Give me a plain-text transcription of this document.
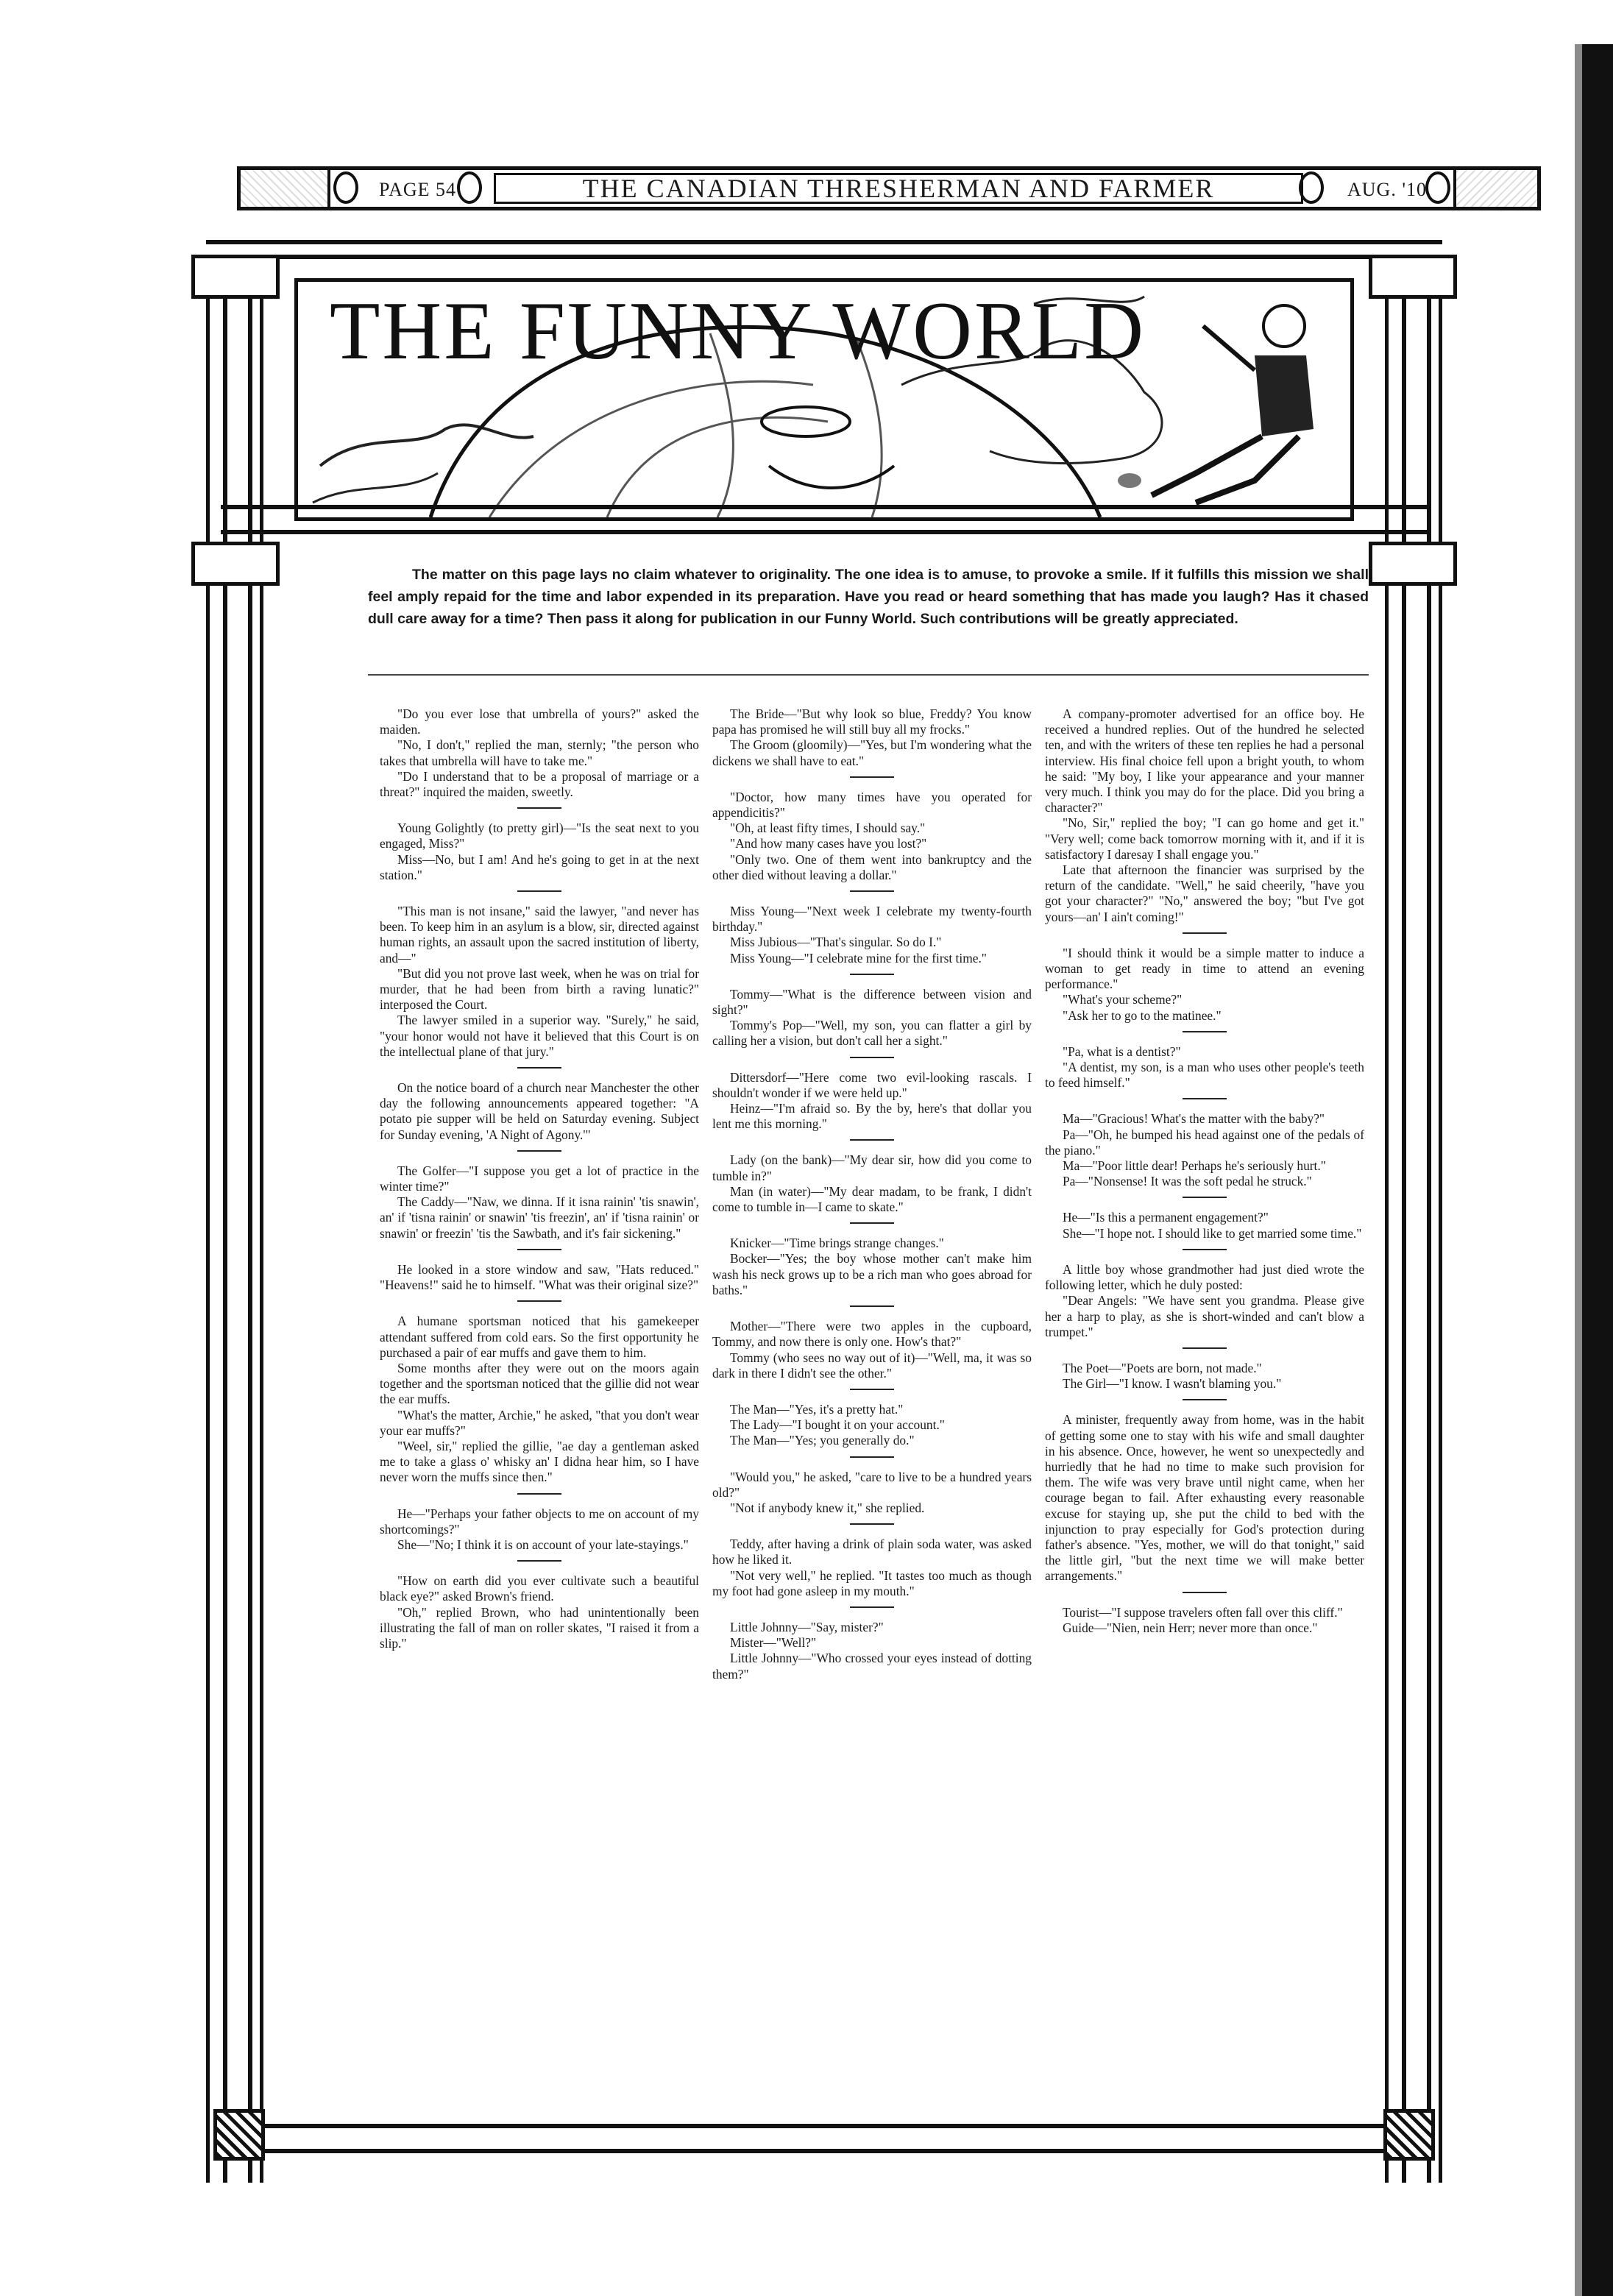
PAGE 54	THE CANADIAN THRESHERMAN AND FARMER	AUG. '10
THE FUNNY WORLD
The matter on this page lays no claim whatever to originality. The one idea is to amuse, to provoke a smile. If it fulfills this mission we shall feel amply repaid for the time and labor expended in its preparation. Have you read or heard something that has made you laugh? Has it chased dull care away for a time? Then pass it along for publication in our Funny World. Such contributions will be greatly appreciated.

"Do you ever lose that umbrella of yours?" asked the maiden.

"No, I don't," replied the man, sternly; "the person who takes that umbrella will have to take me."

"Do I understand that to be a proposal of marriage or a threat?" inquired the maiden, sweetly.

Young Golightly (to pretty girl)—"Is the seat next to you engaged, Miss?"

Miss—No, but I am! And he's going to get in at the next station."

"This man is not insane," said the lawyer, "and never has been. To keep him in an asylum is a blow, sir, directed against human rights, an assault upon the sacred institution of liberty, and—"

"But did you not prove last week, when he was on trial for murder, that he had been from birth a raving lunatic?" interposed the Court.

The lawyer smiled in a superior way. "Surely," he said, "your honor would not have it believed that this Court is on the intellectual plane of that jury."

On the notice board of a church near Manchester the other day the following announcements appeared together: "A potato pie supper will be held on Saturday evening. Subject for Sunday evening, 'A Night of Agony.'"

The Golfer—"I suppose you get a lot of practice in the winter time?"

The Caddy—"Naw, we dinna. If it isna rainin' 'tis snawin', an' if 'tisna rainin' or snawin' 'tis freezin', an' if 'tisna rainin' or snawin' or freezin' 'tis the Sawbath, and it's fair sickening."

He looked in a store window and saw, "Hats reduced." "Heavens!" said he to himself. "What was their original size?"

A humane sportsman noticed that his gamekeeper attendant suffered from cold ears. So the first opportunity he purchased a pair of ear muffs and gave them to him.

Some months after they were out on the moors again together and the sportsman noticed that the gillie did not wear the ear muffs.

"What's the matter, Archie," he asked, "that you don't wear your ear muffs?"

"Weel, sir," replied the gillie, "ae day a gentleman asked me to take a glass o' whisky an' I didna hear him, so I have never worn the muffs since then."

He—"Perhaps your father objects to me on account of my shortcomings?"

She—"No; I think it is on account of your late-stayings."

"How on earth did you ever cultivate such a beautiful black eye?" asked Brown's friend.

"Oh," replied Brown, who had unintentionally been illustrating the fall of man on roller skates, "I raised it from a slip."

The Bride—"But why look so blue, Freddy? You know papa has promised he will still buy all my frocks."

The Groom (gloomily)—"Yes, but I'm wondering what the dickens we shall have to eat."

"Doctor, how many times have you operated for appendicitis?"

"Oh, at least fifty times, I should say."

"And how many cases have you lost?"

"Only two. One of them went into bankruptcy and the other died without leaving a dollar."

Miss Young—"Next week I celebrate my twenty-fourth birthday."

Miss Jubious—"That's singular. So do I."

Miss Young—"I celebrate mine for the first time."

Tommy—"What is the difference between vision and sight?"

Tommy's Pop—"Well, my son, you can flatter a girl by calling her a vision, but don't call her a sight."

Dittersdorf—"Here come two evil-looking rascals. I shouldn't wonder if we were held up."

Heinz—"I'm afraid so. By the by, here's that dollar you lent me this morning."

Lady (on the bank)—"My dear sir, how did you come to tumble in?"

Man (in water)—"My dear madam, to be frank, I didn't come to tumble in—I came to skate."

Knicker—"Time brings strange changes."

Bocker—"Yes; the boy whose mother can't make him wash his neck grows up to be a rich man who goes abroad for baths."

Mother—"There were two apples in the cupboard, Tommy, and now there is only one. How's that?"

Tommy (who sees no way out of it)—"Well, ma, it was so dark in there I didn't see the other."

The Man—"Yes, it's a pretty hat."

The Lady—"I bought it on your account."

The Man—"Yes; you generally do."

"Would you," he asked, "care to live to be a hundred years old?"

"Not if anybody knew it," she replied.

Teddy, after having a drink of plain soda water, was asked how he liked it.

"Not very well," he replied. "It tastes too much as though my foot had gone asleep in my mouth."

Little Johnny—"Say, mister?"

Mister—"Well?"

Little Johnny—"Who crossed your eyes instead of dotting them?"

A company-promoter advertised for an office boy. He received a hundred replies. Out of the hundred he selected ten, and with the writers of these ten replies he had a personal interview. His final choice fell upon a bright youth, to whom he said: "My boy, I like your appearance and your manner very much. I think you may do for the place. Did you bring a character?"

"No, Sir," replied the boy; "I can go home and get it." "Very well; come back tomorrow morning with it, and if it is satisfactory I daresay I shall engage you."

Late that afternoon the financier was surprised by the return of the candidate. "Well," he said cheerily, "have you got your character?" "No," answered the boy; "but I've got yours—an' I ain't coming!"

"I should think it would be a simple matter to induce a woman to get ready in time to attend an evening performance."

"What's your scheme?"

"Ask her to go to the matinee."

"Pa, what is a dentist?"

"A dentist, my son, is a man who uses other people's teeth to feed himself."

Ma—"Gracious! What's the matter with the baby?"

Pa—"Oh, he bumped his head against one of the pedals of the piano."

Ma—"Poor little dear! Perhaps he's seriously hurt."

Pa—"Nonsense! It was the soft pedal he struck."

He—"Is this a permanent engagement?"

She—"I hope not. I should like to get married some time."

A little boy whose grandmother had just died wrote the following letter, which he duly posted:

"Dear Angels: "We have sent you grandma. Please give her a harp to play, as she is short-winded and can't blow a trumpet."

The Poet—"Poets are born, not made."

The Girl—"I know. I wasn't blaming you."

A minister, frequently away from home, was in the habit of getting some one to stay with his wife and small daughter in his absence. Once, however, he went so unexpectedly and hurriedly that he had no time to make such provision for them. The wife was very brave until night came, when her courage began to fail. After exhausting every reasonable excuse for staying up, she put the child to bed with the injunction to pray especially for God's protection during father's absence. "Yes, mother, we will do that tonight," said the little girl, "but the next time we will make better arrangements."

Tourist—"I suppose travelers often fall over this cliff."

Guide—"Nien, nein Herr; never more than once."
